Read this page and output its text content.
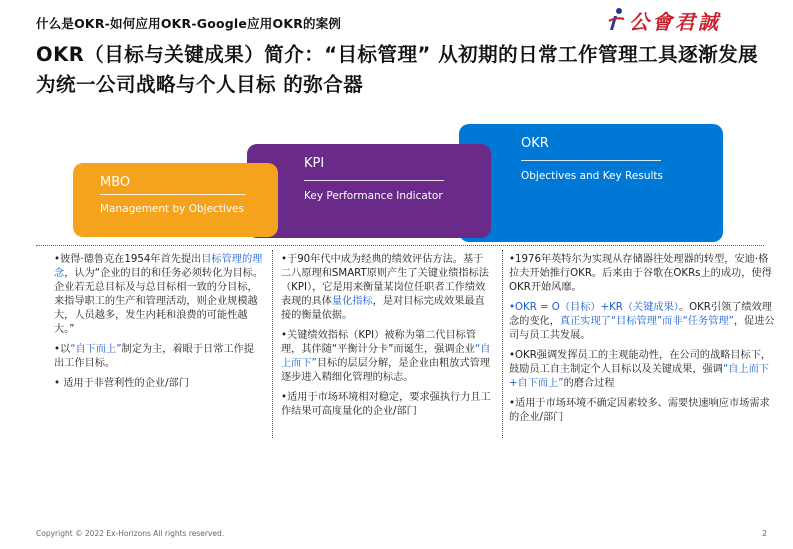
什么是OKR-如何应用OKR-Google应用OKR的案例	公會君誠
OKR（目标与关键成果）简介：“目标管理” 从初期的日常工作管理工具逐渐发展为统一公司战略与个人目标 的弥合器
OKR
Objectives and Key Results
KPI
Key Performance Indicator
MBO
Management by Objectives

•彼得·德鲁克在1954年首先提出目标管理的理念，认为“企业的目的和任务必须转化为目标。企业若无总目标及与总目标相一致的分目标，来指导职工的生产和管理活动，则企业规模越大，人员越多，发生内耗和浪费的可能性越大。”

•以“自下而上”制定为主，着眼于日常工作提出工作目标。

• 适用于非营利性的企业/部门

•于90年代中成为经典的绩效评估方法。基于二八原理和SMART原则产生了关键业绩指标法（KPI），它是用来衡量某岗位任职者工作绩效表现的具体量化指标，是对目标完成效果最直接的衡量依据。

•关键绩效指标（KPI）被称为第二代目标管理，其伴随“平衡计分卡”而诞生，强调企业“自上而下”目标的层层分解，是企业由粗放式管理逐步进入精细化管理的标志。

•适用于市场环境相对稳定，要求强执行力且工作结果可高度量化的企业/部门

•1976年英特尔为实现从存储器往处理器的转型，安迪·格拉夫开始推行OKR。后来由于谷歌在OKRs上的成功，使得OKR开始风靡。

•OKR = O（目标）+KR（关键成果）。OKR引领了绩效理念的变化，真正实现了“目标管理”而非“任务管理”，促进公司与员工共发展。

•OKR强调发挥员工的主观能动性，在公司的战略目标下，鼓励员工自主制定个人目标以及关键成果，强调“自上而下+自下而上”的磨合过程

•适用于市场环境不确定因素较多、需要快速响应市场需求的企业/部门

Copyright © 2022 Ex-Horizons All rights reserved.	2
